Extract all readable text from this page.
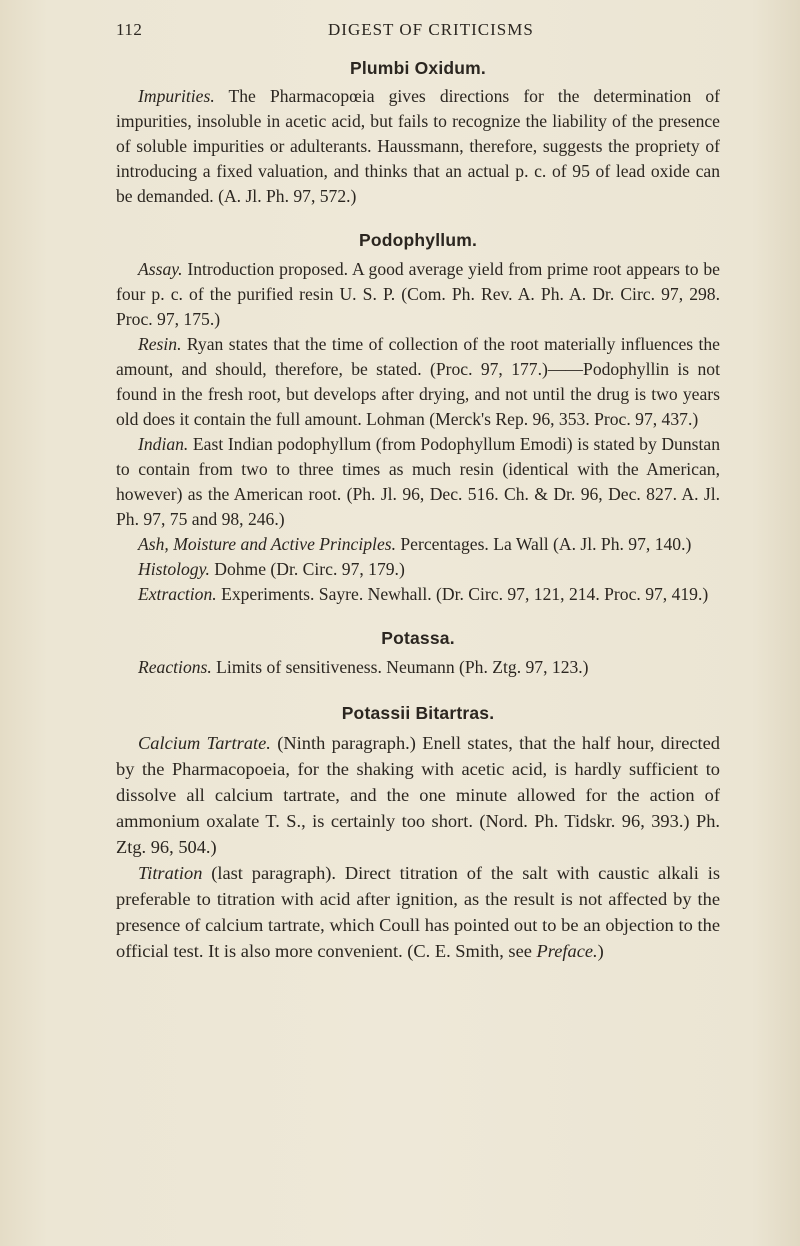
112	DIGEST OF CRITICISMS
Plumbi Oxidum.

Impurities. The Pharmacopœia gives directions for the determination of impurities, insoluble in acetic acid, but fails to recognize the liability of the presence of soluble impurities or adulterants. Haussmann, therefore, suggests the propriety of introducing a fixed valuation, and thinks that an actual p. c. of 95 of lead oxide can be demanded. (A. Jl. Ph. 97, 572.)

Podophyllum.

Assay. Introduction proposed. A good average yield from prime root appears to be four p. c. of the purified resin U. S. P. (Com. Ph. Rev. A. Ph. A. Dr. Circ. 97, 298. Proc. 97, 175.)

Resin. Ryan states that the time of collection of the root materially influences the amount, and should, therefore, be stated. (Proc. 97, 177.)——Podophyllin is not found in the fresh root, but develops after drying, and not until the drug is two years old does it contain the full amount. Lohman (Merck's Rep. 96, 353. Proc. 97, 437.)

Indian. East Indian podophyllum (from Podophyllum Emodi) is stated by Dunstan to contain from two to three times as much resin (identical with the American, however) as the American root. (Ph. Jl. 96, Dec. 516. Ch. & Dr. 96, Dec. 827. A. Jl. Ph. 97, 75 and 98, 246.)

Ash, Moisture and Active Principles. Percentages. La Wall (A. Jl. Ph. 97, 140.)

Histology. Dohme (Dr. Circ. 97, 179.)

Extraction. Experiments. Sayre. Newhall. (Dr. Circ. 97, 121, 214. Proc. 97, 419.)

Potassa.

Reactions. Limits of sensitiveness. Neumann (Ph. Ztg. 97, 123.)

Potassii Bitartras.

Calcium Tartrate. (Ninth paragraph.) Enell states, that the half hour, directed by the Pharmacopoeia, for the shaking with acetic acid, is hardly sufficient to dissolve all calcium tartrate, and the one minute allowed for the action of ammonium oxalate T. S., is certainly too short. (Nord. Ph. Tidskr. 96, 393.) Ph. Ztg. 96, 504.)

Titration (last paragraph). Direct titration of the salt with caustic alkali is preferable to titration with acid after ignition, as the result is not affected by the presence of calcium tartrate, which Coull has pointed out to be an objection to the official test. It is also more convenient. (C. E. Smith, see Preface.)
